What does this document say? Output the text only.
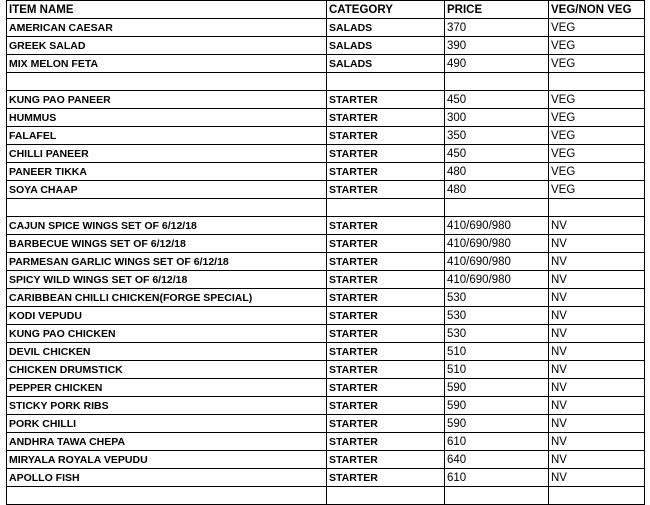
ITEM NAME	CATEGORY	PRICE	VEG/NON VEG
AMERICAN CAESAR	SALADS	370	VEG
GREEK SALAD	SALADS	390	VEG
MIX MELON FETA	SALADS	490	VEG

KUNG PAO PANEER	STARTER	450	VEG
HUMMUS	STARTER	300	VEG
FALAFEL	STARTER	350	VEG
CHILLI PANEER	STARTER	450	VEG
PANEER TIKKA	STARTER	480	VEG
SOYA CHAAP	STARTER	480	VEG

CAJUN SPICE WINGS SET OF 6/12/18	STARTER	410/690/980	NV
BARBECUE WINGS SET OF 6/12/18	STARTER	410/690/980	NV
PARMESAN GARLIC WINGS SET OF 6/12/18	STARTER	410/690/980	NV
SPICY WILD WINGS SET OF 6/12/18	STARTER	410/690/980	NV
CARIBBEAN CHILLI CHICKEN(FORGE SPECIAL)	STARTER	530	NV
KODI VEPUDU	STARTER	530	NV
KUNG PAO CHICKEN	STARTER	530	NV
DEVIL CHICKEN	STARTER	510	NV
CHICKEN DRUMSTICK	STARTER	510	NV
PEPPER CHICKEN	STARTER	590	NV
STICKY PORK RIBS	STARTER	590	NV
PORK CHILLI	STARTER	590	NV
ANDHRA TAWA CHEPA	STARTER	610	NV
MIRYALA ROYALA VEPUDU	STARTER	640	NV
APOLLO FISH	STARTER	610	NV
